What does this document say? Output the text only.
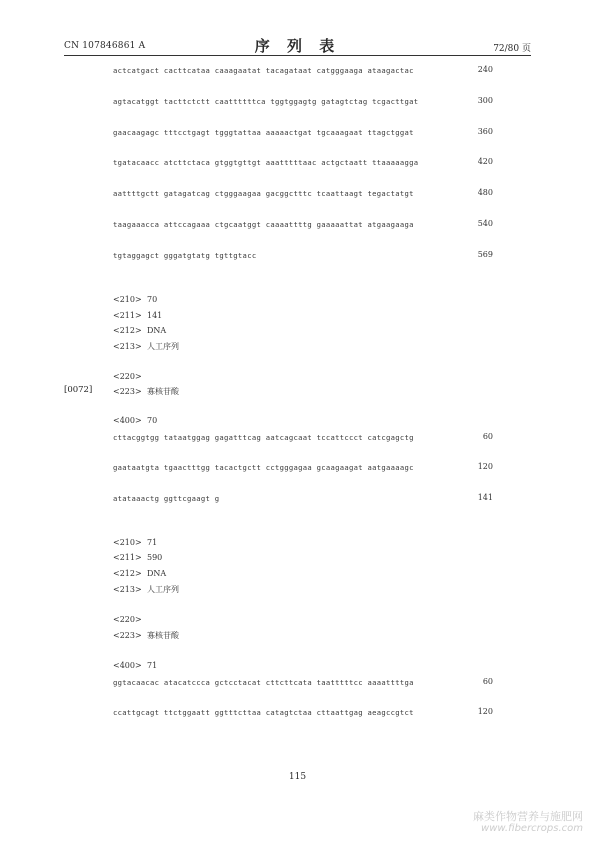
CN 107846861 A	序 列 表	72/80 页
actcatgact cacttcataa caaagaatat tacagataat catgggaaga ataagactac	240
agtacatggt tacttctctt caattttttca tggtggagtg gatagtctag tcgacttgat	300
gaacaagagc tttcctgagt tgggtattaa aaaaactgat tgcaaagaat ttagctggat	360
tgatacaacc atcttctaca gtggtgttgt aaatttttaac actgctaatt ttaaaaagga	420
aattttgctt gatagatcag ctgggaagaa gacggctttc tcaattaagt tegactatgt	480
taagaaacca attccagaaa ctgcaatggt caaaattttg gaaaaattat atgaagaaga	540
tgtaggagct gggatgtatg tgttgtacc	569
<210> 70
<211> 141
<212> DNA
<213> 人工序列
<220>
[0072]	<223> 寡核苷酸
<400> 70
cttacggtgg tataatggag gagatttcag aatcagcaat tccattccct catcgagctg	60
gaataatgta tgaactttgg tacactgctt cctgggagaa gcaagaagat aatgaaaagc	120
atataaactg ggttcgaagt g	141
<210> 71
<211> 590
<212> DNA
<213> 人工序列
<220>
<223> 寡核苷酸
<400> 71
ggtacaacac atacatccca gctcctacat cttcttcata taatttttcc aaaattttga	60
ccattgcagt ttctggaatt ggtttcttaa catagtctaa cttaattgag aeagccgtct	120
115
麻类作物营养与施肥网
www.fibercrops.com
